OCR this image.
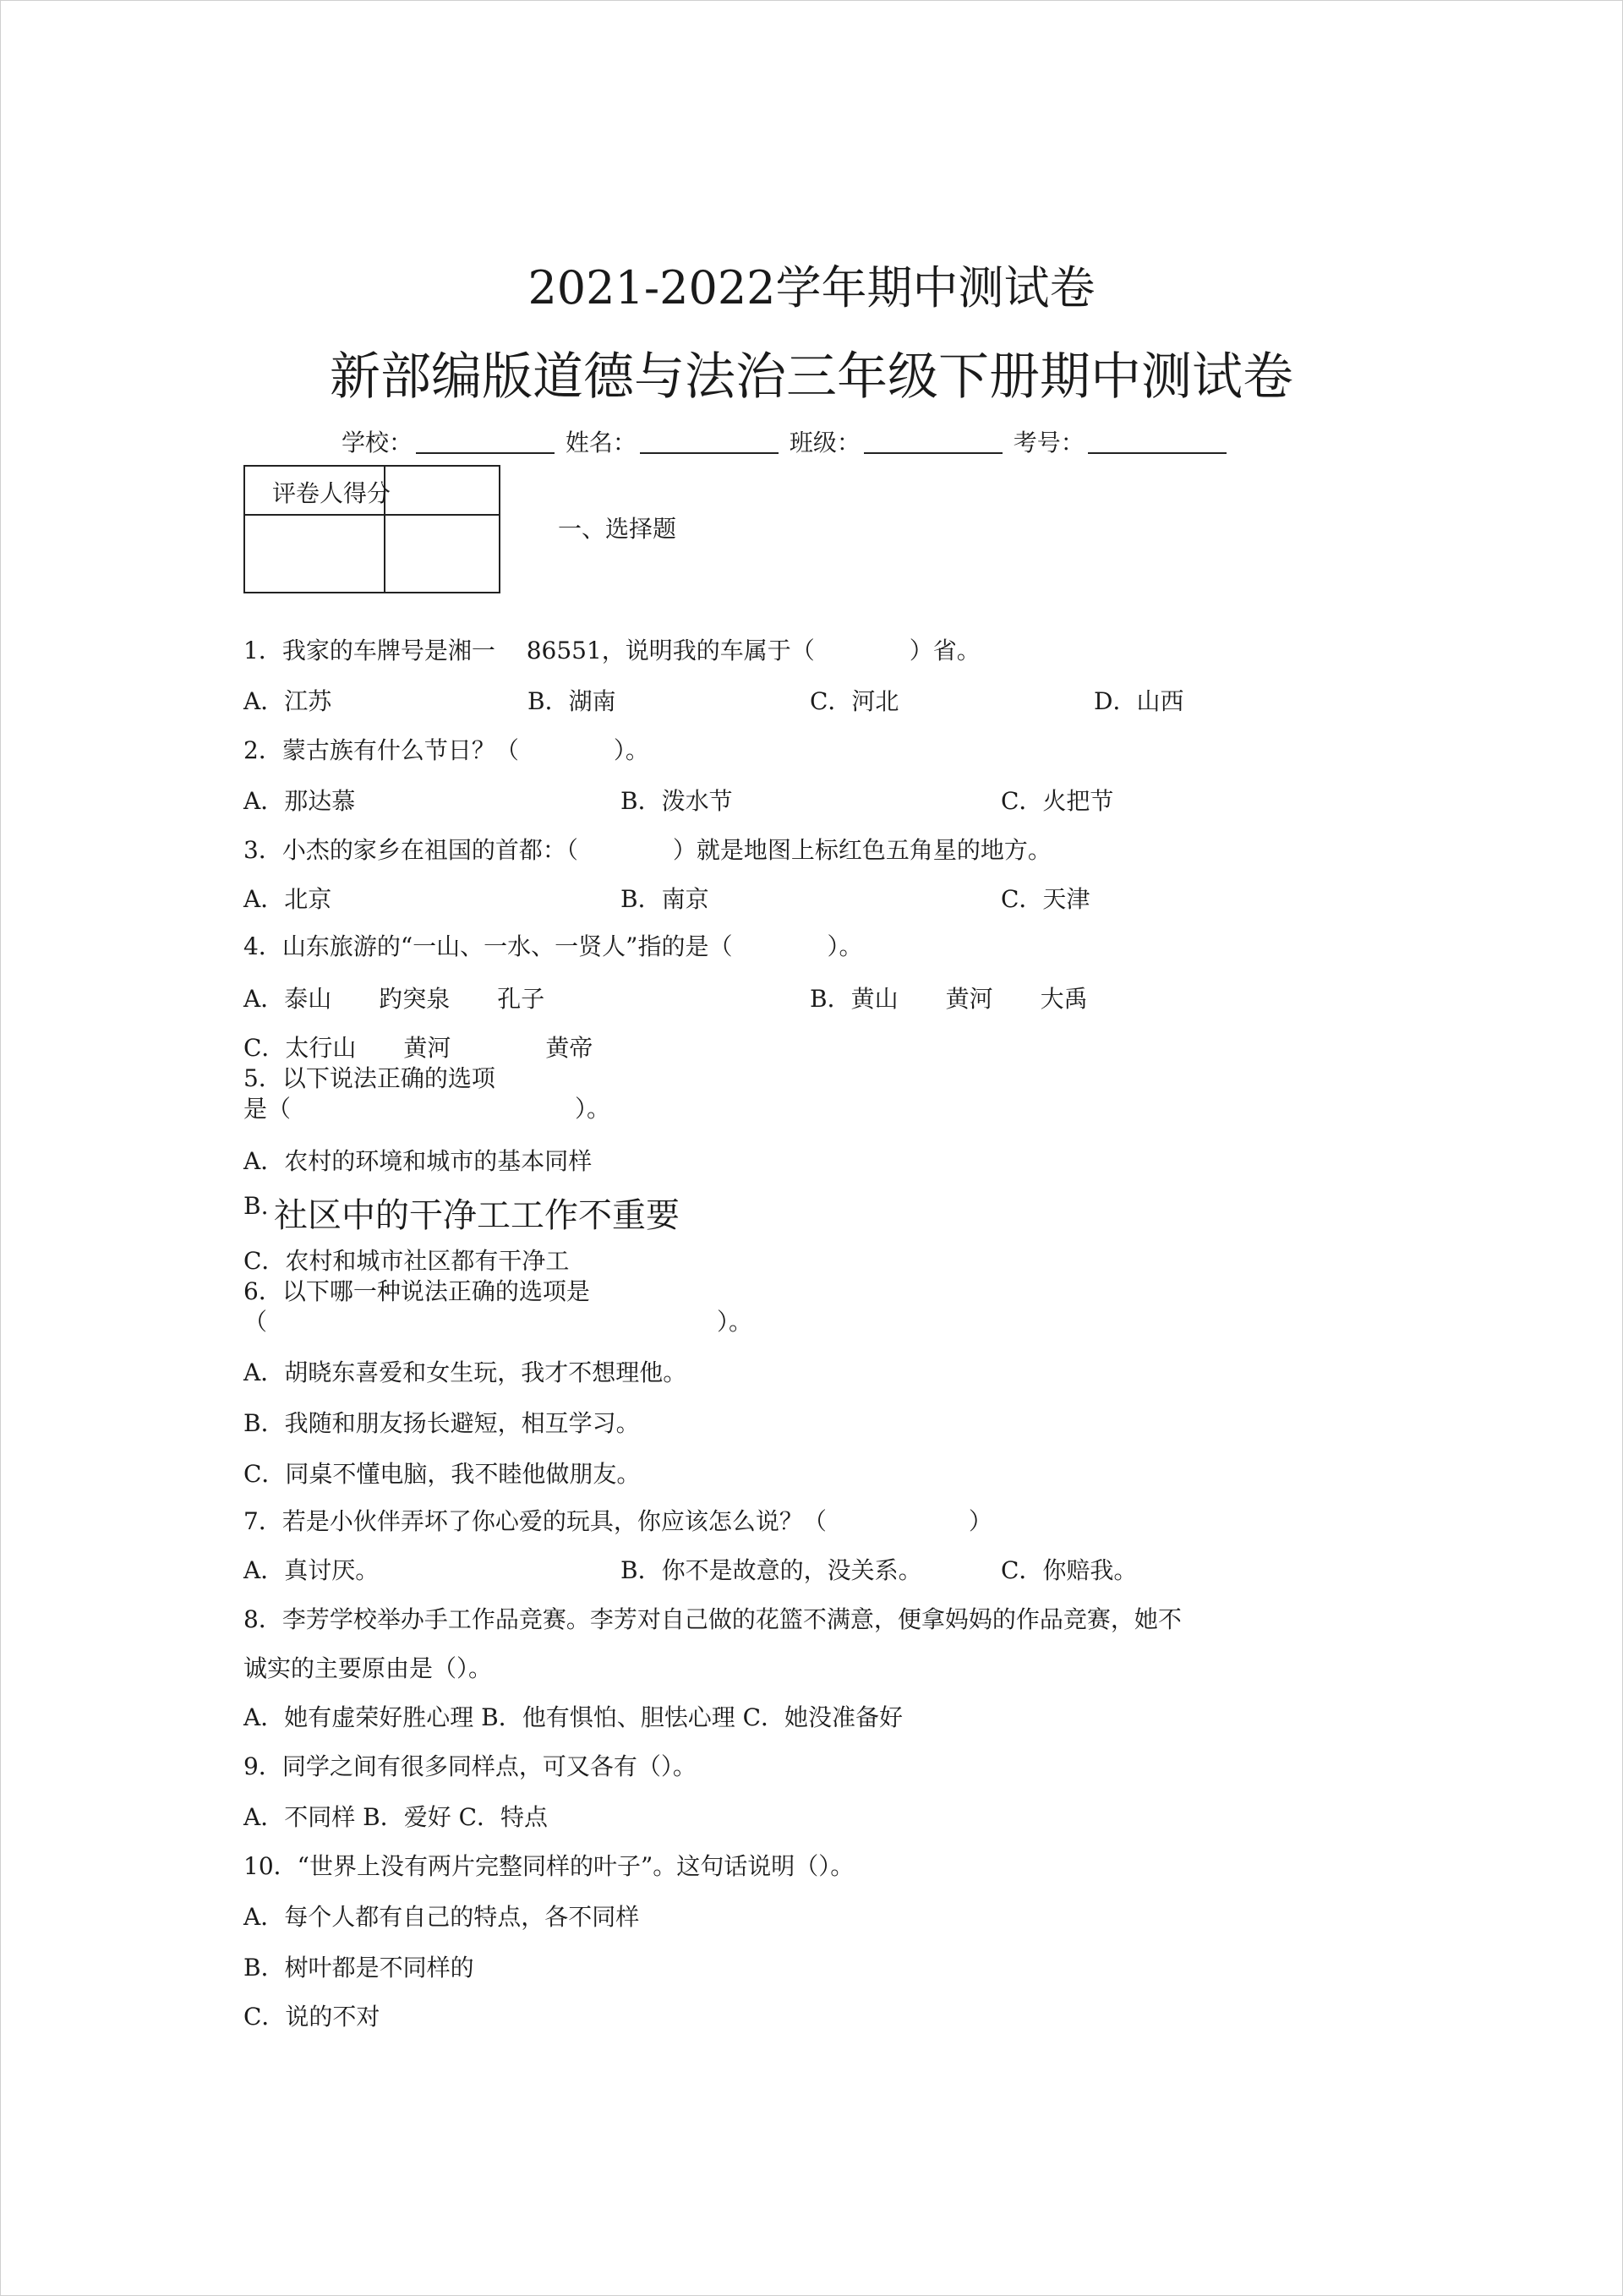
2021-2022学年期中测试卷
新部编版道德与法治三年级下册期中测试卷
学校：	姓名：	班级：	考号：
评卷人得分
一、选择题
1．我家的车牌号是湘一　 86551，说明我的车属于（　　　　）省。
A．江苏	B．湖南	C．河北	D．山西
2．蒙古族有什么节日？（　　　　）。
A．那达慕	B．泼水节	C．火把节
3．小杰的家乡在祖国的首都：（　　　　）就是地图上标红色五角星的地方。
A．北京	B．南京	C．天津
4．山东旅游的“一山、一水、一贤人”指的是（　　　　）。
A．泰山　　趵突泉　　孔子	B．黄山　　黄河　　大禹
C．太行山　　黄河　　　　黄帝
5．以下说法正确的选项
是（　　　　　　　　　　　　）。
A．农村的环境和城市的基本同样
B. 社区中的干净工工作不重要
C．农村和城市社区都有干净工
6．以下哪一种说法正确的选项是
（　　　　　　　　　　　　　　　　　　　）。
A．胡晓东喜爱和女生玩，我才不想理他。
B．我随和朋友扬长避短，相互学习。
C．同桌不懂电脑，我不睦他做朋友。
7．若是小伙伴弄坏了你心爱的玩具，你应该怎么说？（　　　　　　）
A．真讨厌。	B．你不是故意的，没关系。	C．你赔我。
8．李芳学校举办手工作品竞赛。李芳对自己做的花篮不满意，便拿妈妈的作品竞赛，她不
诚实的主要原由是（）。
A．她有虚荣好胜心理 B．他有惧怕、胆怯心理 C．她没准备好
9．同学之间有很多同样点，可又各有（）。
A．不同样 B．爱好 C．特点
10．“世界上没有两片完整同样的叶子”。这句话说明（）。
A．每个人都有自己的特点，各不同样
B．树叶都是不同样的
C．说的不对
